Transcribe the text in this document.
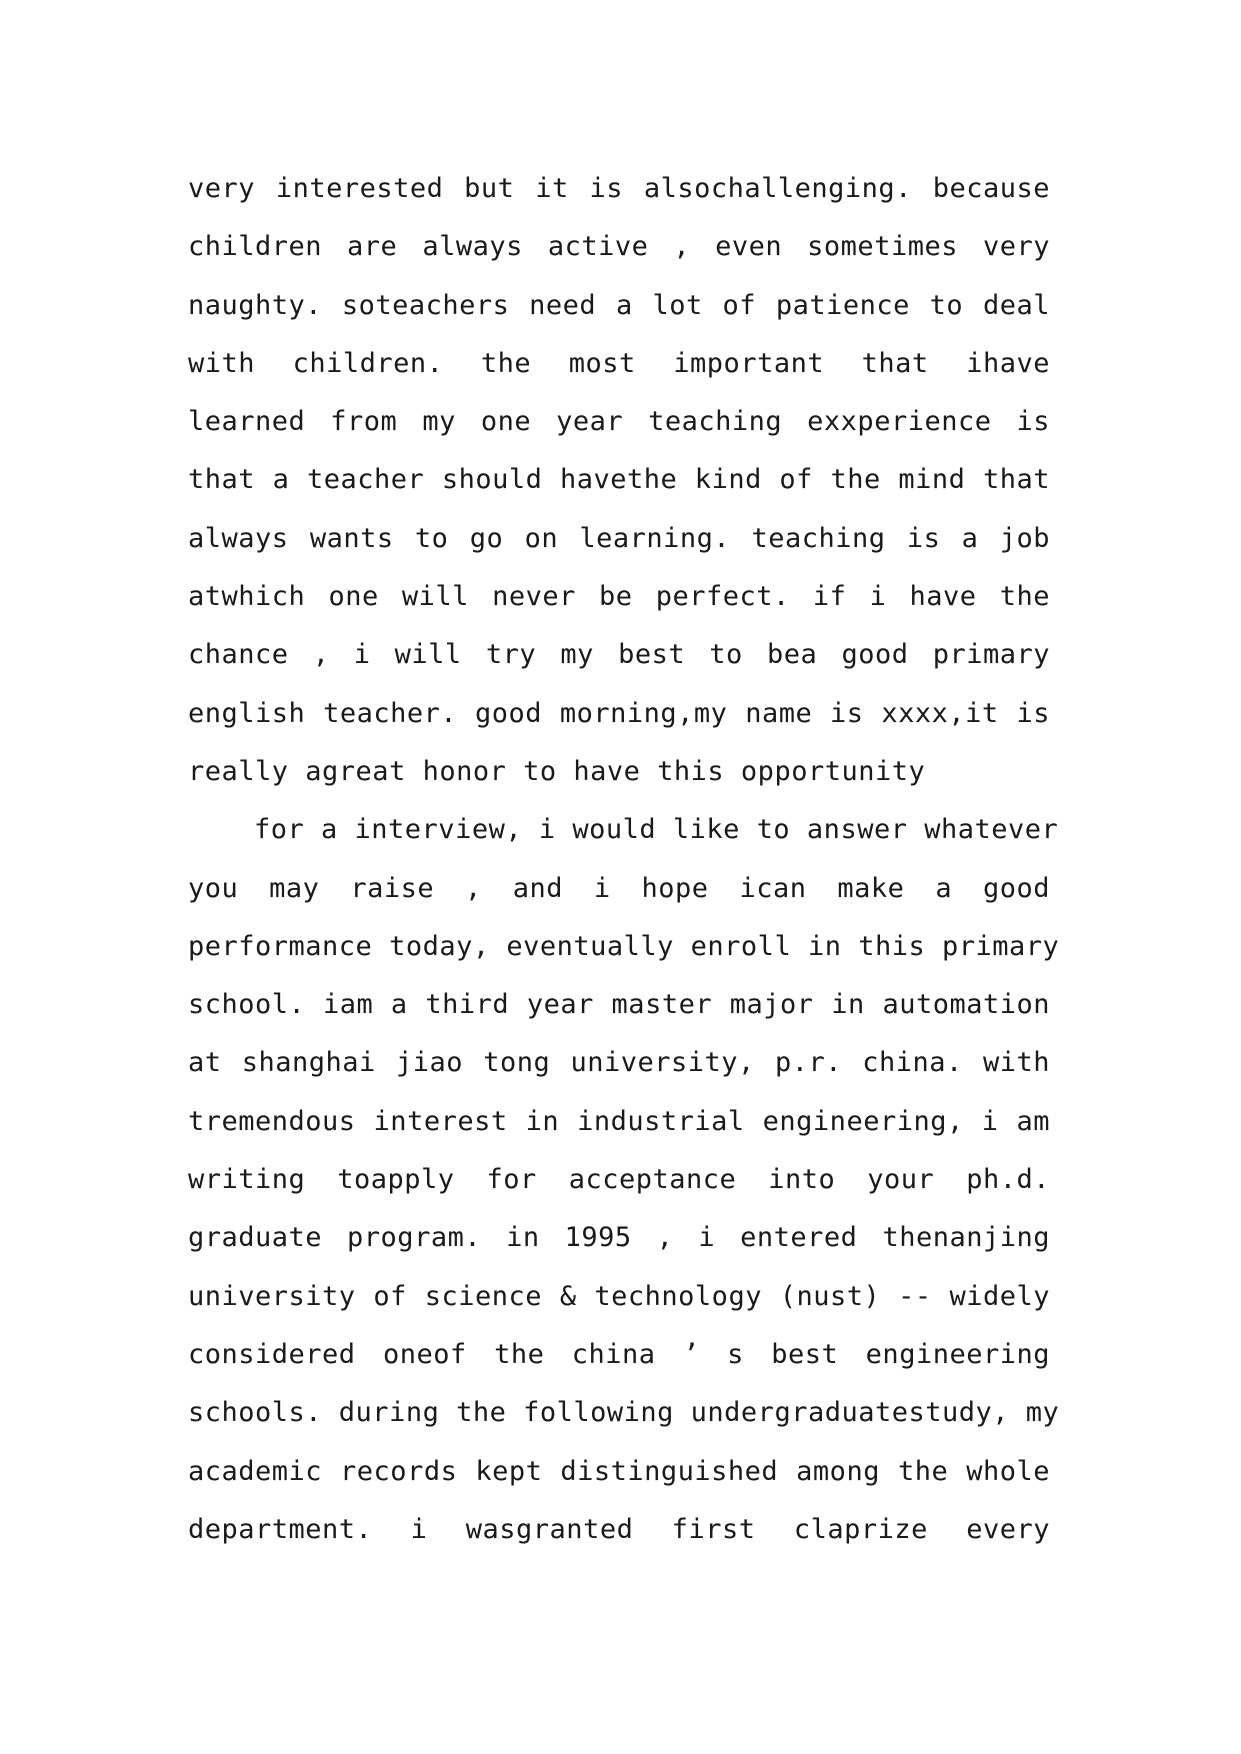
very interested but it is alsochallenging. because
children are always active , even sometimes very
naughty. soteachers need a lot of patience to deal
with children. the most important that ihave
learned from my one year teaching exxperience is
that a teacher should havethe kind of the mind that
always wants to go on learning. teaching is a job
atwhich one will never be perfect. if i have the
chance , i will try my best to bea good primary
english teacher. good morning,my name is xxxx,it is
really agreat honor to have this opportunity
for a interview, i would like to answer whatever
you may raise , and i hope ican make a good
performance today, eventually enroll in this primary
school. iam a third year master major in automation
at shanghai jiao tong university, p.r. china. with
tremendous interest in industrial engineering, i am
writing toapply for acceptance into your ph.d.
graduate program. in 1995 , i entered thenanjing
university of science & technology (nust) -- widely
considered oneof the china ’ s best engineering
schools. during the following undergraduatestudy, my
academic records kept distinguished among the whole
department. i wasgranted first claprize every
